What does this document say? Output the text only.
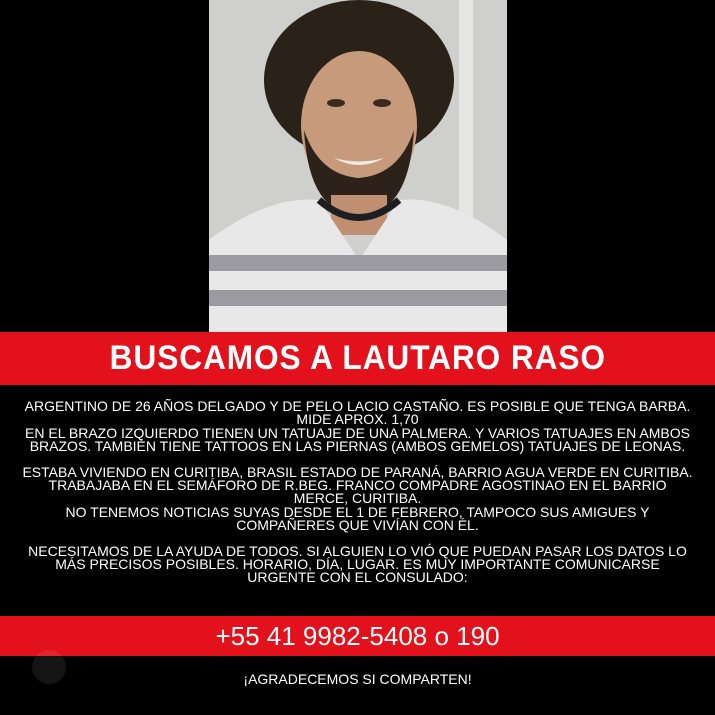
BUSCAMOS A LAUTARO RASO

ARGENTINO DE 26 AÑOS DELGADO Y DE PELO LACIO CASTAÑO. ES POSIBLE QUE TENGA BARBA.
MIDE APROX. 1,70
EN EL BRAZO IZQUIERDO TIENEN UN TATUAJE DE UNA PALMERA. Y VARIOS TATUAJES EN AMBOS BRAZOS. TAMBIÉN TIENE TATTOOS EN LAS PIERNAS (AMBOS GEMELOS) TATUAJES DE LEONAS.

ESTABA VIVIENDO EN CURITIBA, BRASIL ESTADO DE PARANÁ, BARRIO AGUA VERDE EN CURITIBA.
TRABAJABA EN EL SEMÁFORO DE R.BEG. FRANCO COMPADRE AGOSTINAO EN EL BARRIO
MERCE, CURITIBA.
NO TENEMOS NOTICIAS SUYAS DESDE EL 1 DE FEBRERO, TAMPOCO SUS AMIGUES Y
COMPAÑERES QUE VIVÍAN CON ÉL.

NECESITAMOS DE LA AYUDA DE TODOS. SI ALGUIEN LO VIÓ QUE PUEDAN PASAR LOS DATOS LO
MÁS PRECISOS POSIBLES. HORARIO, DÍA, LUGAR. ES MUY IMPORTANTE COMUNICARSE
URGENTE CON EL CONSULADO:

+55 41 9982-5408 o 190
¡AGRADECEMOS SI COMPARTEN!
